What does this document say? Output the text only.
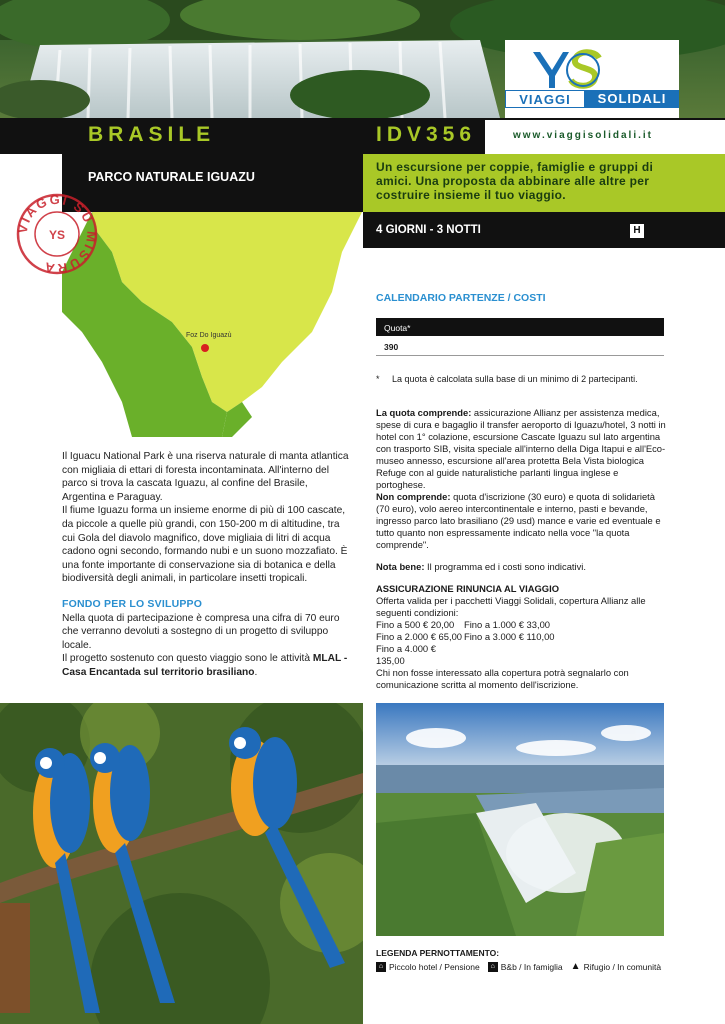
VIAGGI	SOLIDALI
BRASILE	IDV356	www.viaggisolidali.it
PARCO NATURALE IGUAZU
Un escursione per coppie, famiglie e gruppi di amici. Una proposta da abbinare alle altre per costruire insieme il tuo viaggio.
4 GIORNI - 3 NOTTI	H
Foz Do Iguazù
VIAGGI SU MISURA
YS

Il Iguacu National Park è una riserva naturale di manta atlantica con migliaia di ettari di foresta incontaminata. All'interno del parco si trova la cascata Iguazu, al confine del Brasile, Argentina e Paraguay.

Il fiume Iguazu forma un insieme enorme di più di 100 cascate, da piccole a quelle più grandi, con 150-200 m di altitudine, tra cui Gola del diavolo magnifico, dove migliaia di litri di acqua cadono ogni secondo, formando nubi e un suono mozzafiato. È una fonte importante di conservazione sia di botanica e della biodiversità degli animali, in particolare insetti tropicali.

FONDO PER LO SVILUPPO

Nella quota di partecipazione è compresa una cifra di 70 euro che verranno devoluti a sostegno di un progetto di sviluppo locale.

Il progetto sostenuto con questo viaggio sono le attività MLAL - Casa Encantada sul territorio brasiliano.

CALENDARIO PARTENZE / COSTI
Quota*
390
* La quota è calcolata sulla base di un minimo di 2 partecipanti.

La quota comprende: assicurazione Allianz per assistenza medica, spese di cura e bagaglio il transfer aeroporto di Iguazu/hotel, 3 notti in hotel con 1° colazione, escursione Cascate Iguazu sul lato argentina con trasporto SIB, visita speciale all'interno della Diga Itapui e all'Eco-museo annesso, escursione all'area protetta Bela Vista biologica Refuge con al guide naturalistiche parlanti lingua inglese e portoghese.

Non comprende: quota d'iscrizione (30 euro) e quota di solidarietà (70 euro), volo aereo intercontinentale e interno, pasti e bevande, ingresso parco lato brasiliano (29 usd) mance e varie ed eventuale e tutto quanto non espressamente indicato nella voce "la quota comprende".

Nota bene: Il programma ed i costi sono indicativi.

ASSICURAZIONE RINUNCIA AL VIAGGIO

Offerta valida per i pacchetti Viaggi Solidali, copertura Allianz alle seguenti condizioni:

Fino a 500 € 20,00 Fino a 1.000 € 33,00

Fino a 2.000 € 65,00 Fino a 3.000 € 110,00

Fino a 4.000 € 135,00

Chi non fosse interessato alla copertura potrà segnalarlo con comunicazione scritta al momento dell'iscrizione.

LEGENDA PERNOTTAMENTO:
⌂ Piccolo hotel / Pensione	⌂ B&b / In famiglia ▲ Rifugio / In comunità
